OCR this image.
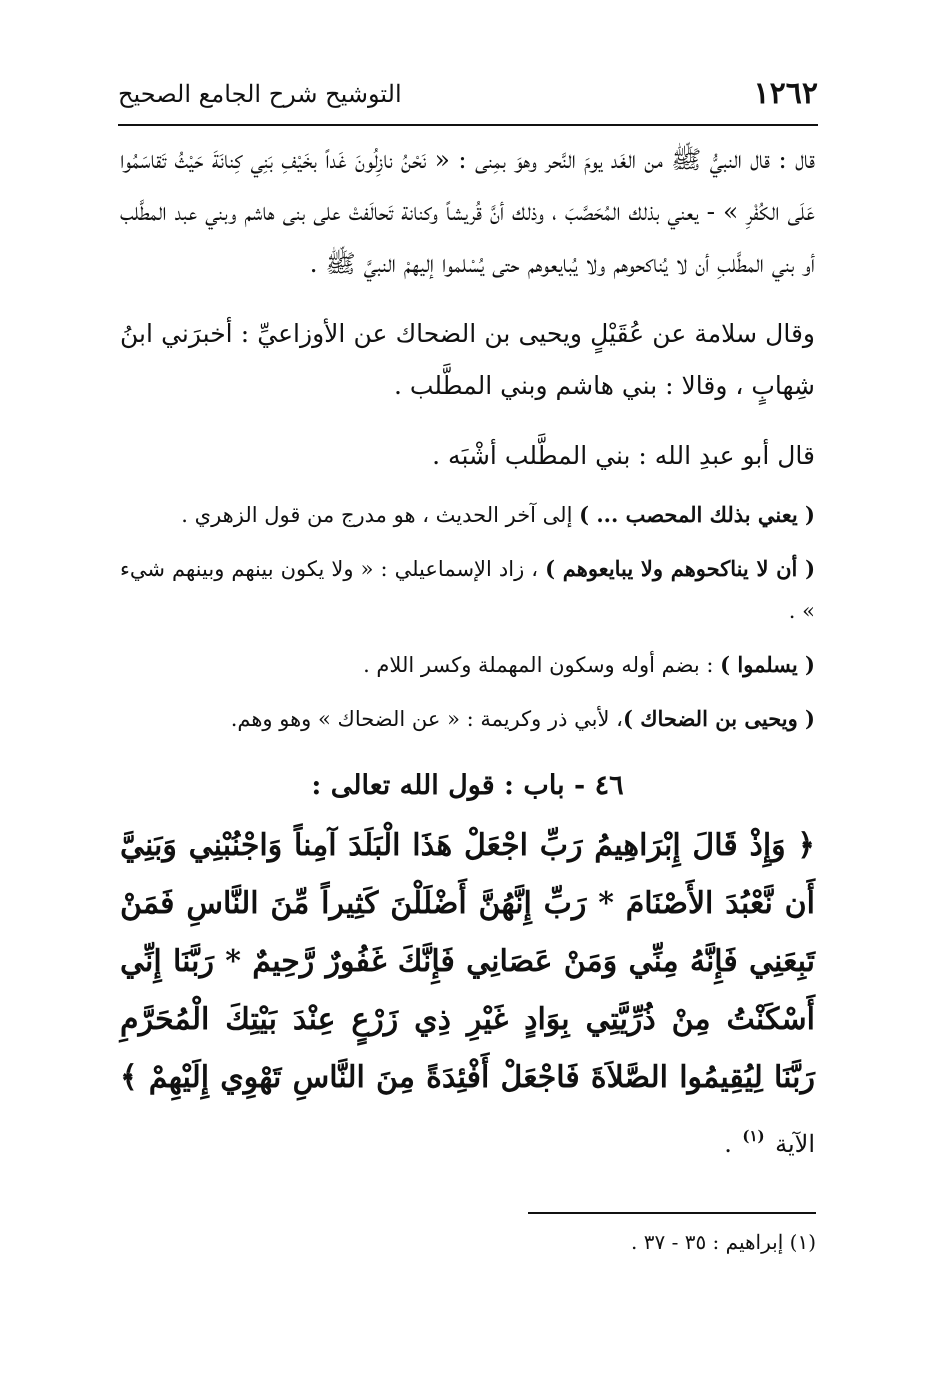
١٢٦٢
التوشيح شرح الجامع الصحيح

قال : قال النبيُّ ﷺ من الغَد يومَ النَّحر وهوَ بمِنى : « نَحْنُ نازِلُونَ غَداً بخَيْفِ بَنِي كِنانَةَ حَيْثُ تَقاسَمُوا عَلَى الكُفْرِ » - يعني بذلك المُحَصَّبَ ، وذلك أنَّ قُريشاً وكنانة تَحالَفتْ على بنى هاشم وبني عبد المطَّلب أو بني المطَّلبِ أن لا يُناكحوهم ولا يُبايعوهم حتى يُسْلموا إليهمْ النبيَّ ﷺ .

وقال سلامة عن عُقَيْلٍ ويحيى بن الضحاك عن الأوزاعيِّ : أخبرَني ابنُ شِهابٍ ، وقالا : بني هاشم وبني المطَّلب .

قال أبو عبدِ الله : بني المطَّلب أشْبَه .

( يعني بذلك المحصب ... ) إلى آخر الحديث ، هو مدرج من قول الزهري .

( أن لا يناكحوهم ولا يبايعوهم ) ، زاد الإسماعيلي : « ولا يكون بينهم وبينهم شيء » .

( يسلموا ) : بضم أوله وسكون المهملة وكسر اللام .

( ويحيى بن الضحاك )، لأبي ذر وكريمة : « عن الضحاك » وهو وهم.

٤٦ - باب : قول الله تعالى :

﴿ وَإِذْ قَالَ إِبْرَاهِيمُ رَبِّ اجْعَلْ هَذَا الْبَلَدَ آمِناً وَاجْنُبْنِي وَبَنِيَّ أَن نَّعْبُدَ الأَصْنَامَ * رَبِّ إِنَّهُنَّ أَضْلَلْنَ كَثِيراً مِّنَ النَّاسِ فَمَنْ تَبِعَنِي فَإِنَّهُ مِنِّي وَمَنْ عَصَانِي فَإِنَّكَ غَفُورٌ رَّحِيمٌ * رَبَّنَا إِنِّي أَسْكَنْتُ مِنْ ذُرِّيَّتِي بِوَادٍ غَيْرِ ذِي زَرْعٍ عِنْدَ بَيْتِكَ الْمُحَرَّمِ رَبَّنَا لِيُقِيمُوا الصَّلاَةَ فَاجْعَلْ أَفْئِدَةً مِنَ النَّاسِ تَهْوِي إِلَيْهِمْ ﴾ الآية $^{(١)}$ .

(١) إبراهيم : ٣٥ - ٣٧ .
